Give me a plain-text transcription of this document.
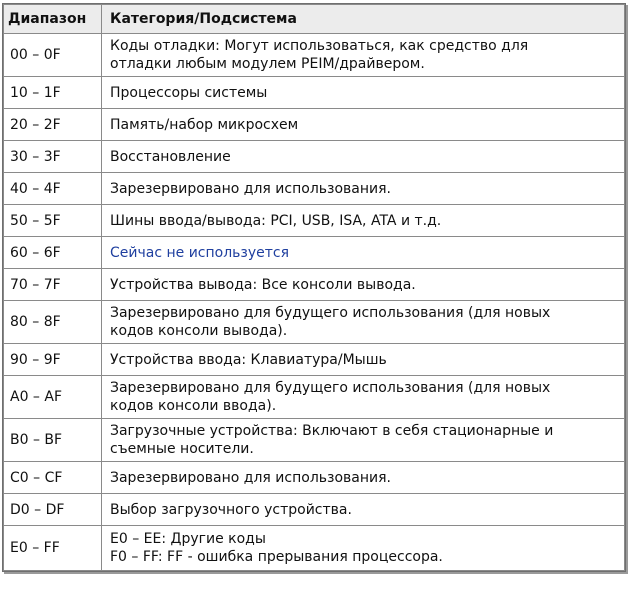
Диапазон	Категория/Подсистема
00 – 0F	Коды отладки: Могут использоваться, как средство для
отладки любым модулем PEIM/драйвером.

10 – 1F	Процессоры системы

20 – 2F	Память/набор микросхем

30 – 3F	Восстановление

40 – 4F	Зарезервировано для использования.

50 – 5F	Шины ввода/вывода: PCI, USB, ISA, ATA и т.д.

60 – 6F	Сейчас не используется

70 – 7F	Устройства вывода: Все консоли вывода.

80 – 8F	Зарезервировано для будущего использования (для новых
кодов консоли вывода).

90 – 9F	Устройства ввода: Клавиатура/Мышь

A0 – AF	Зарезервировано для будущего использования (для новых
кодов консоли ввода).

B0 – BF	Загрузочные устройства: Включают в себя стационарные и
съемные носители.

C0 – CF	Зарезервировано для использования.

D0 – DF	Выбор загрузочного устройства.

E0 – FF	E0 – EE: Другие коды
F0 – FF: FF - ошибка прерывания процессора.
